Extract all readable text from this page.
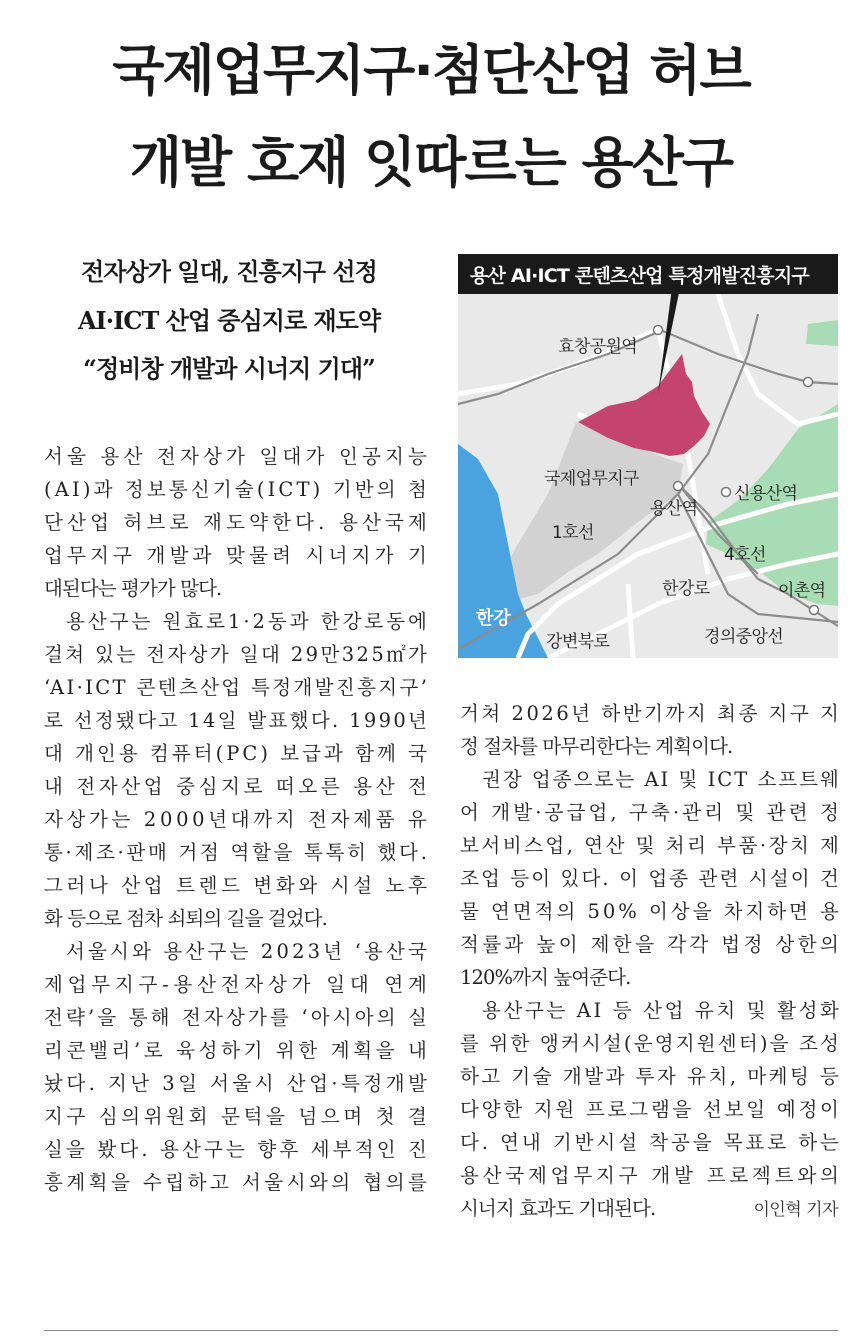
국제업무지구·첨단산업 허브
개발 호재 잇따르는 용산구
전자상가 일대, 진흥지구 선정
AI·ICT 산업 중심지로 재도약
“정비창 개발과 시너지 기대”
서울 용산 전자상가 일대가 인공지능
(AI)과 정보통신기술(ICT) 기반의 첨
단산업 허브로 재도약한다. 용산국제
업무지구 개발과 맞물려 시너지가 기
대된다는 평가가 많다.
용산구는 원효로1·2동과 한강로동에
걸쳐 있는 전자상가 일대 29만325㎡가
‘AI·ICT 콘텐츠산업 특정개발진흥지구’
로 선정됐다고 14일 발표했다. 1990년
대 개인용 컴퓨터(PC) 보급과 함께 국
내 전자산업 중심지로 떠오른 용산 전
자상가는 2000년대까지 전자제품 유
통·제조·판매 거점 역할을 톡톡히 했다.
그러나 산업 트렌드 변화와 시설 노후
화 등으로 점차 쇠퇴의 길을 걸었다.
서울시와 용산구는 2023년 ‘용산국
제업무지구-용산전자상가 일대 연계
전략’을 통해 전자상가를 ‘아시아의 실
리콘밸리’로 육성하기 위한 계획을 내
놨다. 지난 3일 서울시 산업·특정개발
지구 심의위원회 문턱을 넘으며 첫 결
실을 봤다. 용산구는 향후 세부적인 진
흥계획을 수립하고 서울시와의 협의를
거쳐 2026년 하반기까지 최종 지구 지
정 절차를 마무리한다는 계획이다.
권장 업종으로는 AI 및 ICT 소프트웨
어 개발·공급업, 구축·관리 및 관련 정
보서비스업, 연산 및 처리 부품·장치 제
조업 등이 있다. 이 업종 관련 시설이 건
물 연면적의 50% 이상을 차지하면 용
적률과 높이 제한을 각각 법정 상한의
120%까지 높여준다.
용산구는 AI 등 산업 유치 및 활성화
를 위한 앵커시설(운영지원센터)을 조성
하고 기술 개발과 투자 유치, 마케팅 등
다양한 지원 프로그램을 선보일 예정이
다. 연내 기반시설 착공을 목표로 하는
용산국제업무지구 개발 프로젝트와의
시너지 효과도 기대된다.	이인혁 기자
용산 AI·ICT 콘텐츠산업 특정개발진흥지구
효창공원역
국제업무지구
용산역
신용산역
1호선
4호선
한강로	이촌역
강변북로	경의중앙선
한강
